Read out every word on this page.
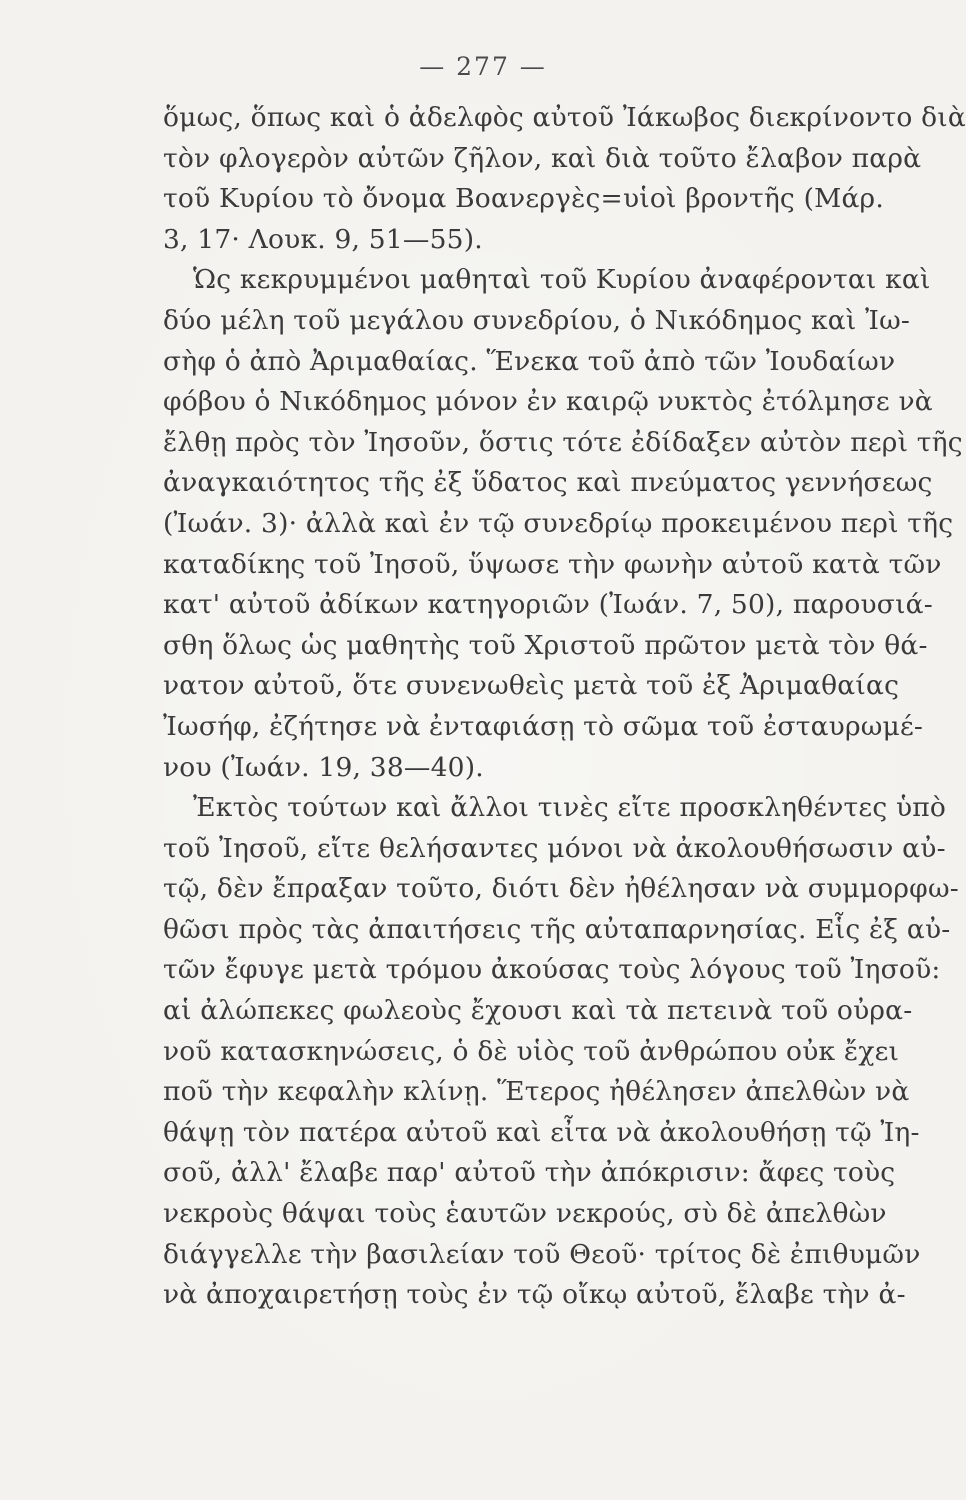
— 277 —
ὅμως, ὅπως καὶ ὁ ἀδελφὸς αὐτοῦ Ἰάκωβος διεκρίνοντο διὰ
τὸν φλογερὸν αὐτῶν ζῆλον, καὶ διὰ τοῦτο ἔλαβον παρὰ
τοῦ Κυρίου τὸ ὄνομα Βοανεργὲς=υἱοὶ βροντῆς (Μάρ.
3, 17· Λουκ. 9, 51—55).
Ὡς κεκρυμμένοι μαθηταὶ τοῦ Κυρίου ἀναφέρονται καὶ
δύο μέλη τοῦ μεγάλου συνεδρίου, ὁ Νικόδημος καὶ Ἰω-
σὴφ ὁ ἀπὸ Ἀριμαθαίας. Ἕνεκα τοῦ ἀπὸ τῶν Ἰουδαίων
φόβου ὁ Νικόδημος μόνον ἐν καιρῷ νυκτὸς ἐτόλμησε νὰ
ἔλθῃ πρὸς τὸν Ἰησοῦν, ὅστις τότε ἐδίδαξεν αὐτὸν περὶ τῆς
ἀναγκαιότητος τῆς ἐξ ὕδατος καὶ πνεύματος γεννήσεως
(Ἰωάν. 3)· ἀλλὰ καὶ ἐν τῷ συνεδρίῳ προκειμένου περὶ τῆς
καταδίκης τοῦ Ἰησοῦ, ὕψωσε τὴν φωνὴν αὐτοῦ κατὰ τῶν
κατ' αὐτοῦ ἀδίκων κατηγοριῶν (Ἰωάν. 7, 50), παρουσιά-
σθη ὅλως ὡς μαθητὴς τοῦ Χριστοῦ πρῶτον μετὰ τὸν θά-
νατον αὐτοῦ, ὅτε συνενωθεὶς μετὰ τοῦ ἐξ Ἀριμαθαίας
Ἰωσήφ, ἐζήτησε νὰ ἐνταφιάσῃ τὸ σῶμα τοῦ ἐσταυρωμέ-
νου (Ἰωάν. 19, 38—40).
Ἐκτὸς τούτων καὶ ἄλλοι τινὲς εἴτε προσκληθέντες ὑπὸ
τοῦ Ἰησοῦ, εἴτε θελήσαντες μόνοι νὰ ἀκολουθήσωσιν αὐ-
τῷ, δὲν ἔπραξαν τοῦτο, διότι δὲν ἠθέλησαν νὰ συμμορφω-
θῶσι πρὸς τὰς ἀπαιτήσεις τῆς αὐταπαρνησίας. Εἷς ἐξ αὐ-
τῶν ἔφυγε μετὰ τρόμου ἀκούσας τοὺς λόγους τοῦ Ἰησοῦ:
αἱ ἀλώπεκες φωλεοὺς ἔχουσι καὶ τὰ πετεινὰ τοῦ οὐρα-
νοῦ κατασκηνώσεις, ὁ δὲ υἱὸς τοῦ ἀνθρώπου οὐκ ἔχει
ποῦ τὴν κεφαλὴν κλίνῃ. Ἕτερος ἠθέλησεν ἀπελθὼν νὰ
θάψῃ τὸν πατέρα αὐτοῦ καὶ εἶτα νὰ ἀκολουθήσῃ τῷ Ἰη-
σοῦ, ἀλλ' ἔλαβε παρ' αὐτοῦ τὴν ἀπόκρισιν: ἄφες τοὺς
νεκροὺς θάψαι τοὺς ἑαυτῶν νεκρούς, σὺ δὲ ἀπελθὼν
διάγγελλε τὴν βασιλείαν τοῦ Θεοῦ· τρίτος δὲ ἐπιθυμῶν
νὰ ἀποχαιρετήσῃ τοὺς ἐν τῷ οἴκῳ αὐτοῦ, ἔλαβε τὴν ἀ-
